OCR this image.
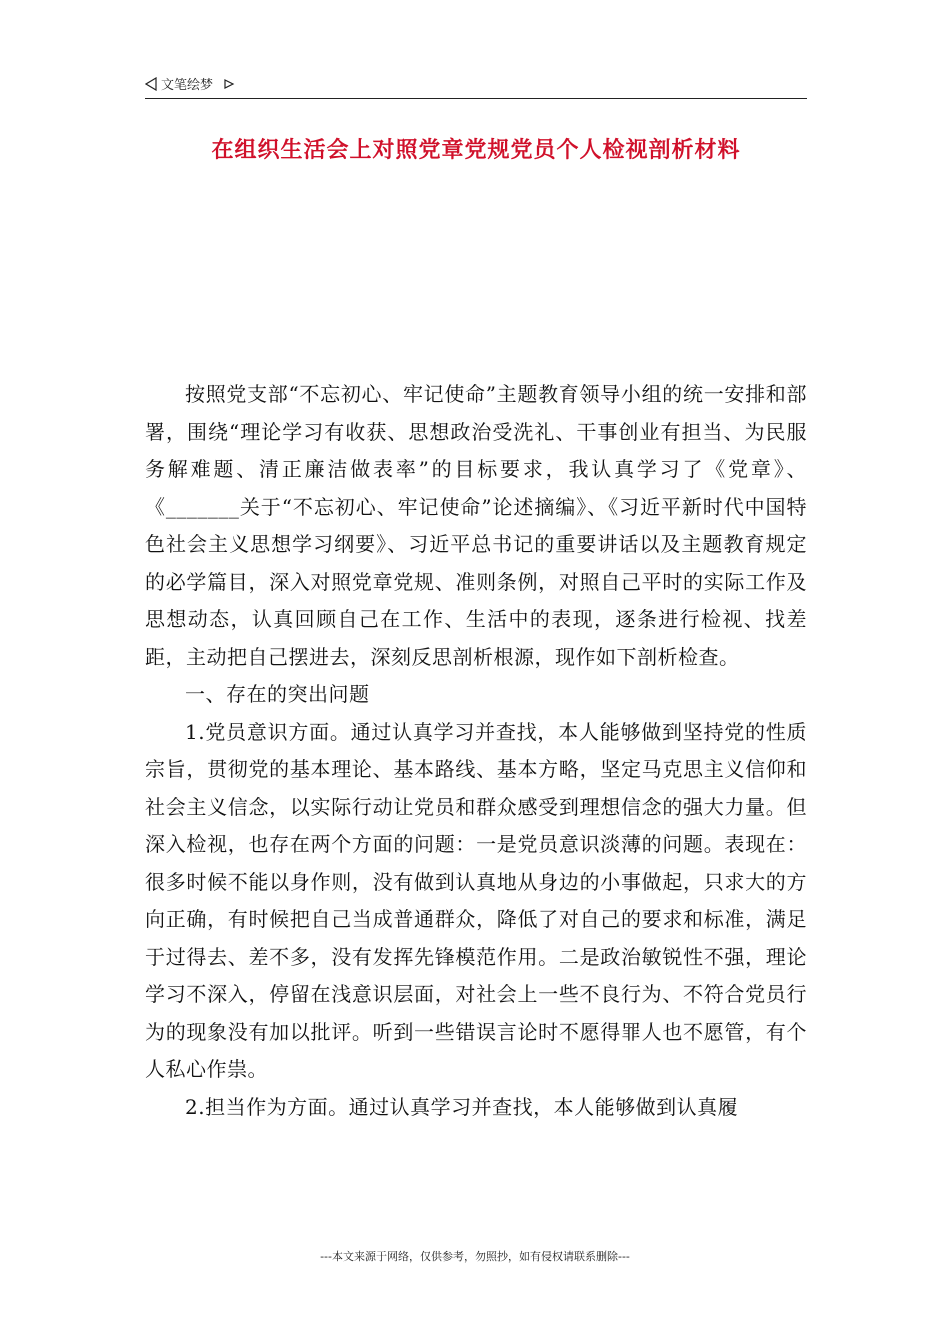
文笔绘梦
在组织生活会上对照党章党规党员个人检视剖析材料

按照党支部“不忘初心、牢记使命”主题教育领导小组的统一安排和部署，围绕“理论学习有收获、思想政治受洗礼、干事创业有担当、为民服务解难题、清正廉洁做表率”的目标要求，我认真学习了《党章》、《_______关于“不忘初心、牢记使命”论述摘编》、《习近平新时代中国特色社会主义思想学习纲要》、习近平总书记的重要讲话以及主题教育规定的必学篇目，深入对照党章党规、准则条例，对照自己平时的实际工作及思想动态，认真回顾自己在工作、生活中的表现，逐条进行检视、找差距，主动把自己摆进去，深刻反思剖析根源，现作如下剖析检查。

一、存在的突出问题

1.党员意识方面。通过认真学习并查找，本人能够做到坚持党的性质宗旨，贯彻党的基本理论、基本路线、基本方略，坚定马克思主义信仰和社会主义信念，以实际行动让党员和群众感受到理想信念的强大力量。但深入检视，也存在两个方面的问题：一是党员意识淡薄的问题。表现在：很多时候不能以身作则，没有做到认真地从身边的小事做起，只求大的方向正确，有时候把自己当成普通群众，降低了对自己的要求和标准，满足于过得去、差不多，没有发挥先锋模范作用。二是政治敏锐性不强，理论学习不深入，停留在浅意识层面，对社会上一些不良行为、不符合党员行为的现象没有加以批评。听到一些错误言论时不愿得罪人也不愿管，有个人私心作祟。

2.担当作为方面。通过认真学习并查找，本人能够做到认真履

---本文来源于网络，仅供参考，勿照抄，如有侵权请联系删除---
